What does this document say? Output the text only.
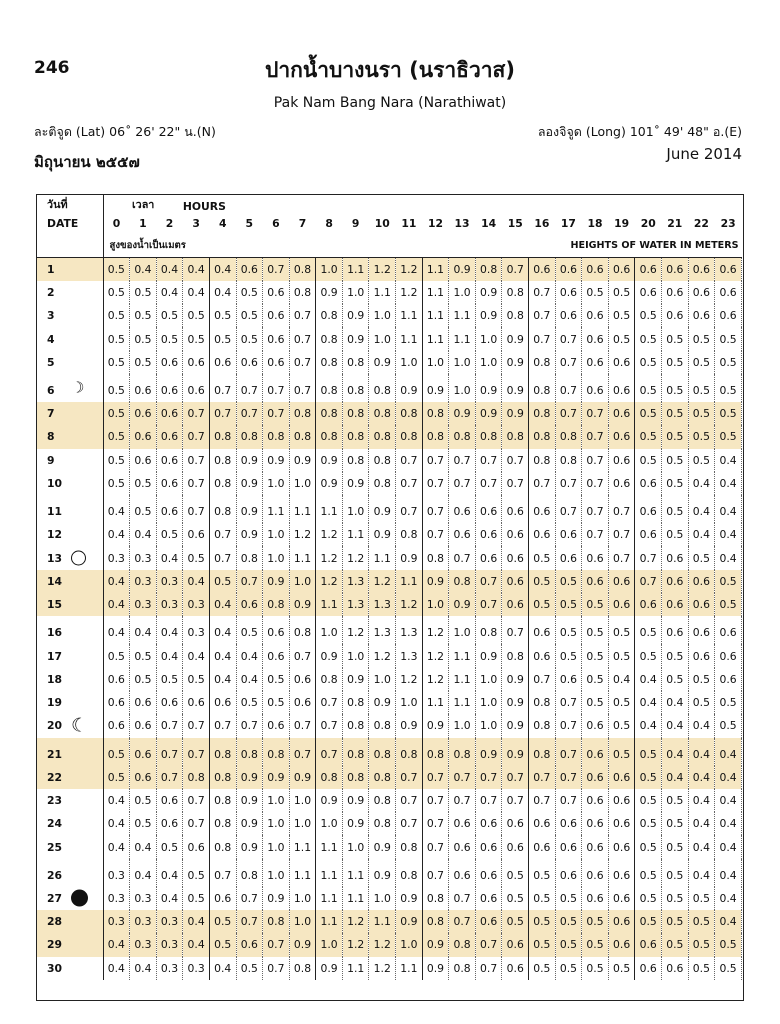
246	ปากน้ำบางนรา (นราธิวาส)
Pak Nam Bang Nara (Narathiwat)
ละติจูด (Lat) 06˚ 26' 22" น.(N)	ลองจิจูด (Long) 101˚ 49' 48" อ.(E)
มิถุนายน ๒๕๕๗	June 2014
วันที่	เวลา			HOURS																				
DATE	0	1	2	3	4	5	6	7	8	9	10	11	12	13	14	15	16	17	18	19	20	21	22	23
	สูงของน้ำเป็นเมตร																HEIGHTS OF WATER IN METERS							
1	0.5	0.4	0.4	0.4	0.4	0.6	0.7	0.8	1.0	1.1	1.2	1.2	1.1	0.9	0.8	0.7	0.6	0.6	0.6	0.6	0.6	0.6	0.6	0.6
2	0.5	0.5	0.4	0.4	0.4	0.5	0.6	0.8	0.9	1.0	1.1	1.2	1.1	1.0	0.9	0.8	0.7	0.6	0.5	0.5	0.6	0.6	0.6	0.6
3	0.5	0.5	0.5	0.5	0.5	0.5	0.6	0.7	0.8	0.9	1.0	1.1	1.1	1.1	0.9	0.8	0.7	0.6	0.6	0.5	0.5	0.6	0.6	0.6
4	0.5	0.5	0.5	0.5	0.5	0.5	0.6	0.7	0.8	0.9	1.0	1.1	1.1	1.1	1.0	0.9	0.7	0.7	0.6	0.5	0.5	0.5	0.5	0.5
5	0.5	0.5	0.6	0.6	0.6	0.6	0.6	0.7	0.8	0.8	0.9	1.0	1.0	1.0	1.0	0.9	0.8	0.7	0.6	0.6	0.5	0.5	0.5	0.5
6 ☽	0.5	0.6	0.6	0.6	0.7	0.7	0.7	0.7	0.8	0.8	0.8	0.9	0.9	1.0	0.9	0.9	0.8	0.7	0.6	0.6	0.5	0.5	0.5	0.5
7	0.5	0.6	0.6	0.7	0.7	0.7	0.7	0.8	0.8	0.8	0.8	0.8	0.8	0.9	0.9	0.9	0.8	0.7	0.7	0.6	0.5	0.5	0.5	0.5
8	0.5	0.6	0.6	0.7	0.8	0.8	0.8	0.8	0.8	0.8	0.8	0.8	0.8	0.8	0.8	0.8	0.8	0.8	0.7	0.6	0.5	0.5	0.5	0.5
9	0.5	0.6	0.6	0.7	0.8	0.9	0.9	0.9	0.9	0.8	0.8	0.7	0.7	0.7	0.7	0.7	0.8	0.8	0.7	0.6	0.5	0.5	0.5	0.4
10	0.5	0.5	0.6	0.7	0.8	0.9	1.0	1.0	0.9	0.9	0.8	0.7	0.7	0.7	0.7	0.7	0.7	0.7	0.7	0.6	0.6	0.5	0.4	0.4
11	0.4	0.5	0.6	0.7	0.8	0.9	1.1	1.1	1.1	1.0	0.9	0.7	0.7	0.6	0.6	0.6	0.6	0.7	0.7	0.7	0.6	0.5	0.4	0.4
12	0.4	0.4	0.5	0.6	0.7	0.9	1.0	1.2	1.2	1.1	0.9	0.8	0.7	0.6	0.6	0.6	0.6	0.6	0.7	0.7	0.6	0.5	0.4	0.4
13	0.3	0.3	0.4	0.5	0.7	0.8	1.0	1.1	1.2	1.2	1.1	0.9	0.8	0.7	0.6	0.6	0.5	0.6	0.6	0.7	0.7	0.6	0.5	0.4
14	0.4	0.3	0.3	0.4	0.5	0.7	0.9	1.0	1.2	1.3	1.2	1.1	0.9	0.8	0.7	0.6	0.5	0.5	0.6	0.6	0.7	0.6	0.6	0.5
15	0.4	0.3	0.3	0.3	0.4	0.6	0.8	0.9	1.1	1.3	1.3	1.2	1.0	0.9	0.7	0.6	0.5	0.5	0.5	0.6	0.6	0.6	0.6	0.5
16	0.4	0.4	0.4	0.3	0.4	0.5	0.6	0.8	1.0	1.2	1.3	1.3	1.2	1.0	0.8	0.7	0.6	0.5	0.5	0.5	0.5	0.6	0.6	0.6
17	0.5	0.5	0.4	0.4	0.4	0.4	0.6	0.7	0.9	1.0	1.2	1.3	1.2	1.1	0.9	0.8	0.6	0.5	0.5	0.5	0.5	0.5	0.6	0.6
18	0.6	0.5	0.5	0.5	0.4	0.4	0.5	0.6	0.8	0.9	1.0	1.2	1.2	1.1	1.0	0.9	0.7	0.6	0.5	0.4	0.4	0.5	0.5	0.6
19	0.6	0.6	0.6	0.6	0.6	0.5	0.5	0.6	0.7	0.8	0.9	1.0	1.1	1.1	1.0	0.9	0.8	0.7	0.5	0.5	0.4	0.4	0.5	0.5
20 ☾	0.6	0.6	0.7	0.7	0.7	0.7	0.6	0.7	0.7	0.8	0.8	0.9	0.9	1.0	1.0	0.9	0.8	0.7	0.6	0.5	0.4	0.4	0.4	0.5
21	0.5	0.6	0.7	0.7	0.8	0.8	0.8	0.7	0.7	0.8	0.8	0.8	0.8	0.8	0.9	0.9	0.8	0.7	0.6	0.5	0.5	0.4	0.4	0.4
22	0.5	0.6	0.7	0.8	0.8	0.9	0.9	0.9	0.8	0.8	0.8	0.7	0.7	0.7	0.7	0.7	0.7	0.7	0.6	0.6	0.5	0.4	0.4	0.4
23	0.4	0.5	0.6	0.7	0.8	0.9	1.0	1.0	0.9	0.9	0.8	0.7	0.7	0.7	0.7	0.7	0.7	0.7	0.6	0.6	0.5	0.5	0.4	0.4
24	0.4	0.5	0.6	0.7	0.8	0.9	1.0	1.0	1.0	0.9	0.8	0.7	0.7	0.6	0.6	0.6	0.6	0.6	0.6	0.6	0.5	0.5	0.4	0.4
25	0.4	0.4	0.5	0.6	0.8	0.9	1.0	1.1	1.1	1.0	0.9	0.8	0.7	0.6	0.6	0.6	0.6	0.6	0.6	0.6	0.5	0.5	0.4	0.4
26	0.3	0.4	0.4	0.5	0.7	0.8	1.0	1.1	1.1	1.1	0.9	0.8	0.7	0.6	0.6	0.5	0.5	0.6	0.6	0.6	0.5	0.5	0.4	0.4
27	0.3	0.3	0.4	0.5	0.6	0.7	0.9	1.0	1.1	1.1	1.0	0.9	0.8	0.7	0.6	0.5	0.5	0.5	0.6	0.6	0.5	0.5	0.5	0.4
28	0.3	0.3	0.3	0.4	0.5	0.7	0.8	1.0	1.1	1.2	1.1	0.9	0.8	0.7	0.6	0.5	0.5	0.5	0.5	0.6	0.5	0.5	0.5	0.4
29	0.4	0.3	0.3	0.4	0.5	0.6	0.7	0.9	1.0	1.2	1.2	1.0	0.9	0.8	0.7	0.6	0.5	0.5	0.5	0.6	0.6	0.5	0.5	0.5
30	0.4	0.4	0.3	0.3	0.4	0.5	0.7	0.8	0.9	1.1	1.2	1.1	0.9	0.8	0.7	0.6	0.5	0.5	0.5	0.5	0.6	0.6	0.5	0.5
